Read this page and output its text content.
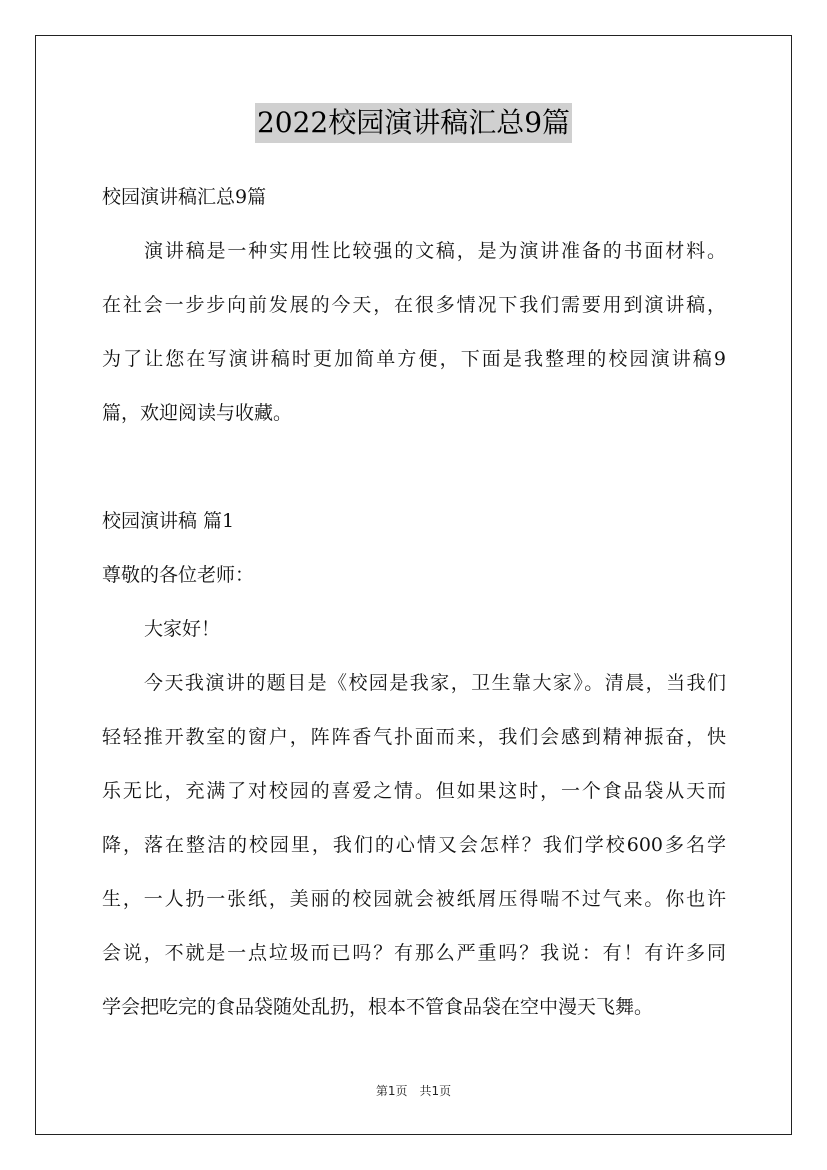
2022校园演讲稿汇总9篇
校园演讲稿汇总9篇
演讲稿是一种实用性比较强的文稿，是为演讲准备的书面材料。
在社会一步步向前发展的今天，在很多情况下我们需要用到演讲稿，
为了让您在写演讲稿时更加简单方便，下面是我整理的校园演讲稿9
篇，欢迎阅读与收藏。
校园演讲稿 篇1
尊敬的各位老师：
大家好！
今天我演讲的题目是《校园是我家，卫生靠大家》。清晨，当我们
轻轻推开教室的窗户，阵阵香气扑面而来，我们会感到精神振奋，快
乐无比，充满了对校园的喜爱之情。但如果这时，一个食品袋从天而
降，落在整洁的校园里，我们的心情又会怎样？我们学校600多名学
生，一人扔一张纸，美丽的校园就会被纸屑压得喘不过气来。你也许
会说，不就是一点垃圾而已吗？有那么严重吗？我说：有！有许多同
学会把吃完的食品袋随处乱扔，根本不管食品袋在空中漫天飞舞。
第1页　共1页
